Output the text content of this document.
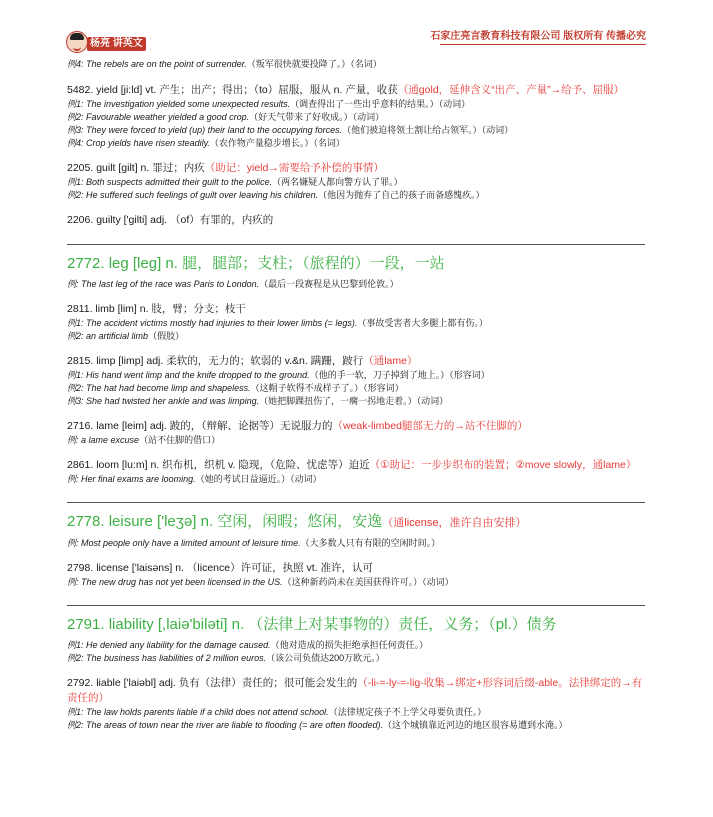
杨亮 讲英文
石家庄亮言教育科技有限公司 版权所有 传播必究
例4: The rebels are on the point of surrender.（叛军很快就要投降了。）（名词）
5482. yield [ji:ld] vt. 产生；出产；得出；（to）屈服，服从 n. 产量，收获（通gold，延伸含义“出产、产量”→给予、屈服）
例1: The investigation yielded some unexpected results.（调查得出了一些出乎意料的结果。）（动词）
例2: Favourable weather yielded a good crop.（好天气带来了好收成。）（动词）
例3: They were forced to yield (up) their land to the occupying forces.（他们被迫将领土割让给占领军。）（动词）
例4: Crop yields have risen steadily.（农作物产量稳步增长。）（名词）
2205. guilt [gilt] n. 罪过；内疚（助记：yield→需要给予补偿的事情）
例1: Both suspects admitted their guilt to the police.（两名嫌疑人都向警方认了罪。）
例2: He suffered such feelings of guilt over leaving his children.（他因为抛弃了自己的孩子而备感愧疚。）
2206. guilty ['gilti] adj. （of）有罪的，内疚的
2772. leg [leg] n. 腿，腿部；支柱；（旅程的）一段，一站
例: The last leg of the race was Paris to London.（最后一段赛程是从巴黎到伦敦。）
2811. limb [lim] n. 肢，臂；分支；枝干
例1: The accident victims mostly had injuries to their lower limbs (= legs).（事故受害者大多腿上都有伤。）
例2: an artificial limb（假肢）
2815. limp [limp] adj. 柔软的，无力的；软弱的 v.&n. 蹒跚，跛行（通lame）
例1: His hand went limp and the knife dropped to the ground.（他的手一软，刀子掉到了地上。）（形容词）
例2: The hat had become limp and shapeless.（这帽子软得不成样子了。）（形容词）
例3: She had twisted her ankle and was limping.（她把脚踝扭伤了，一瘸一拐地走着。）（动词）
2716. lame [leim] adj. 跛的，（辩解、论据等）无说服力的（weak-limbed腿部无力的→站不住脚的）
例: a lame excuse（站不住脚的借口）
2861. loom [lu:m] n. 织布机，织机 v. 隐现，（危险、忧虑等）迫近（①助记：一步步织布的装置；②move slowly，通lame）
例: Her final exams are looming.（她的考试日益逼近。）（动词）
2778. leisure ['leʒə] n. 空闲，闲暇；悠闲，安逸（通license，准许自由安排）
例: Most people only have a limited amount of leisure time.（大多数人只有有限的空闲时间。）
2798. license ['laisəns] n. （licence）许可证，执照 vt. 准许，认可
例: The new drug has not yet been licensed in the US.（这种新药尚未在美国获得许可。）（动词）
2791. liability [,laiə'biləti] n. （法律上对某事物的）责任，义务；（pl.）债务
例1: He denied any liability for the damage caused.（他对造成的损失拒绝承担任何责任。）
例2: The business has liabilities of 2 million euros.（该公司负债达200万欧元。）
2792. liable ['laiəbl] adj. 负有（法律）责任的；很可能会发生的（-li-=-ly-=-lig-收集→绑定+形容词后缀-able。法律绑定的→有责任的）
例1: The law holds parents liable if a child does not attend school.（法律规定孩子不上学父母要负责任。）
例2: The areas of town near the river are liable to flooding (= are often flooded).（这个城镇靠近河边的地区很容易遭到水淹。）
